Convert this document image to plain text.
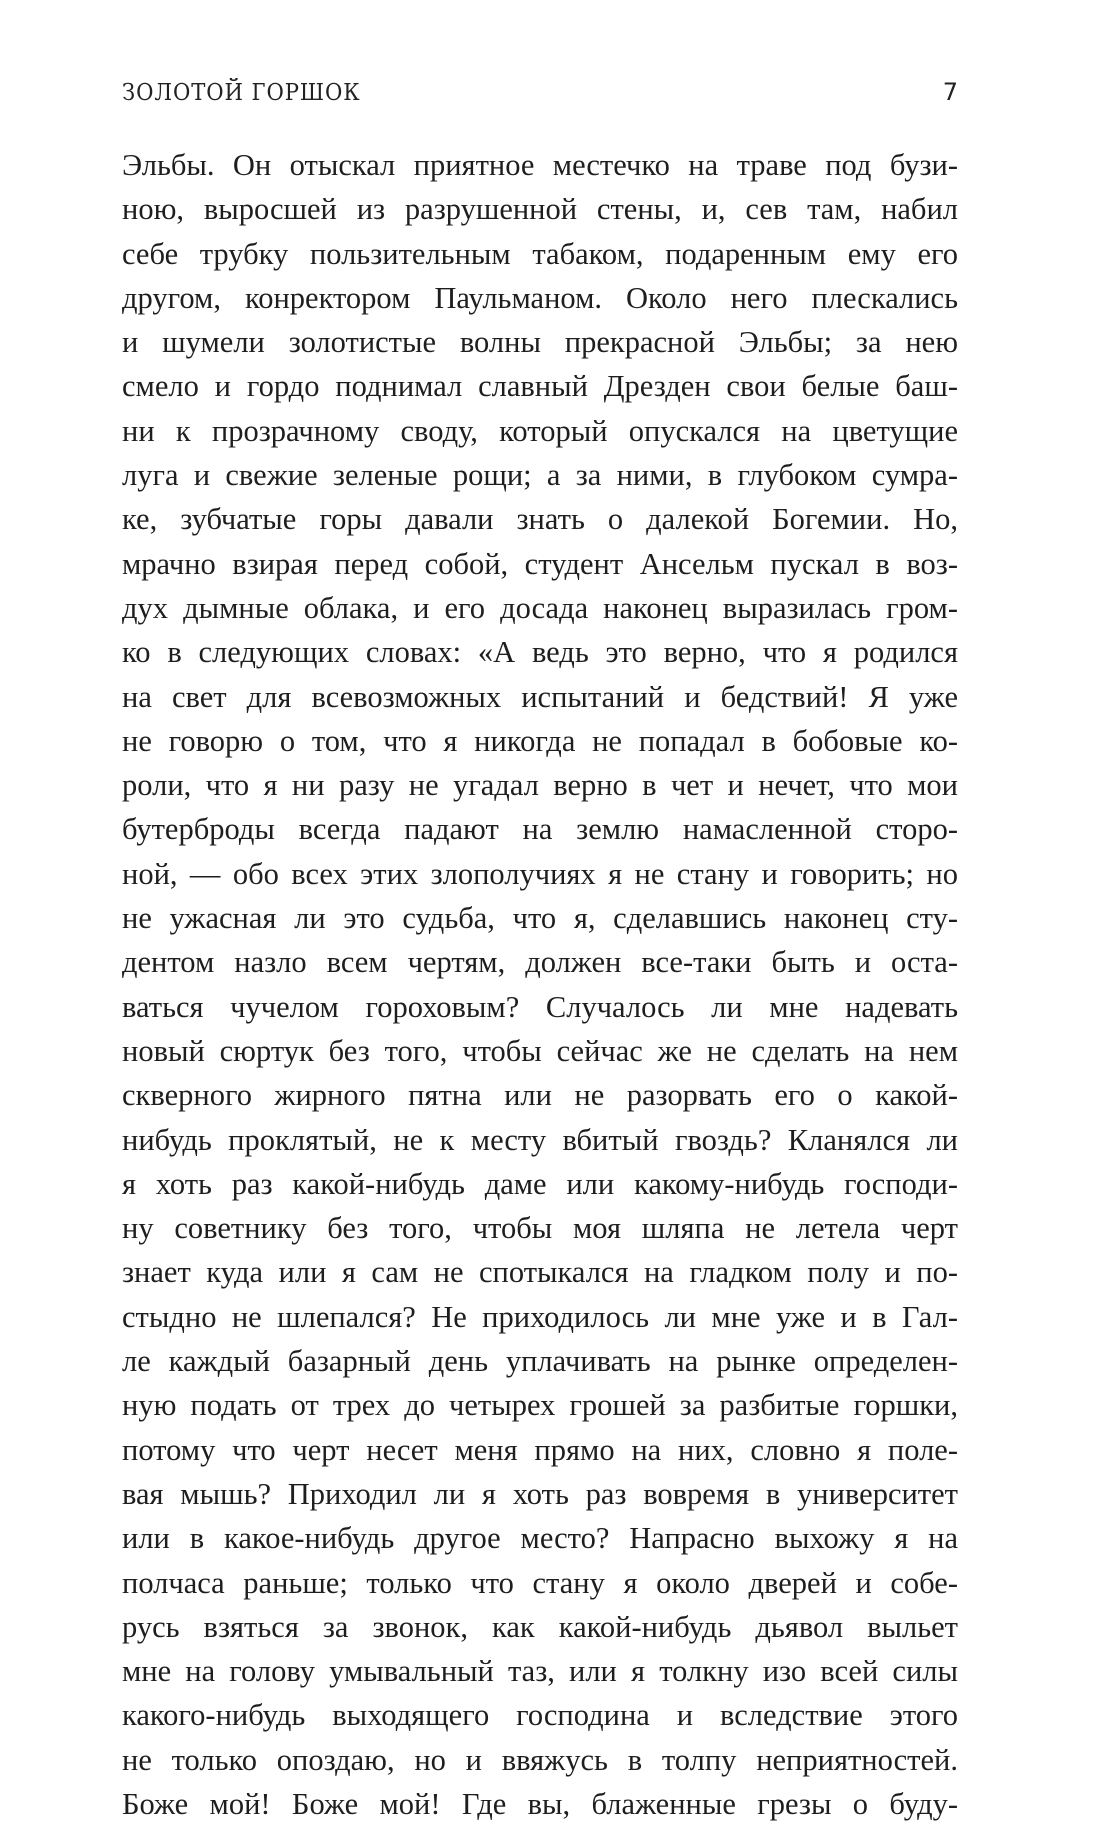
ЗОЛОТОЙ ГОРШОК	7
Эльбы. Он отыскал приятное местечко на траве под бузи-
ною, выросшей из разрушенной стены, и, сев там, набил
себе трубку пользительным табаком, подаренным ему его
другом, конректором Паульманом. Около него плескались
и шумели золотистые волны прекрасной Эльбы; за нею
смело и гордо поднимал славный Дрезден свои белые баш-
ни к прозрачному своду, который опускался на цветущие
луга и свежие зеленые рощи; а за ними, в глубоком сумра-
ке, зубчатые горы давали знать о далекой Богемии. Но,
мрачно взирая перед собой, студент Ансельм пускал в воз-
дух дымные облака, и его досада наконец выразилась гром-
ко в следующих словах: «А ведь это верно, что я родился
на свет для всевозможных испытаний и бедствий! Я уже
не говорю о том, что я никогда не попадал в бобовые ко-
роли, что я ни разу не угадал верно в чет и нечет, что мои
бутерброды всегда падают на землю намасленной сторо-
ной, — обо всех этих злополучиях я не стану и говорить; но
не ужасная ли это судьба, что я, сделавшись наконец сту-
дентом назло всем чертям, должен все-таки быть и оста-
ваться чучелом гороховым? Случалось ли мне надевать
новый сюртук без того, чтобы сейчас же не сделать на нем
скверного жирного пятна или не разорвать его о какой-
нибудь проклятый, не к месту вбитый гвоздь? Кланялся ли
я хоть раз какой-нибудь даме или какому-нибудь господи-
ну советнику без того, чтобы моя шляпа не летела черт
знает куда или я сам не спотыкался на гладком полу и по-
стыдно не шлепался? Не приходилось ли мне уже и в Гал-
ле каждый базарный день уплачивать на рынке определен-
ную подать от трех до четырех грошей за разбитые горшки,
потому что черт несет меня прямо на них, словно я поле-
вая мышь? Приходил ли я хоть раз вовремя в университет
или в какое-нибудь другое место? Напрасно выхожу я на
полчаса раньше; только что стану я около дверей и собе-
русь взяться за звонок, как какой-нибудь дьявол выльет
мне на голову умывальный таз, или я толкну изо всей силы
какого-нибудь выходящего господина и вследствие этого
не только опоздаю, но и ввяжусь в толпу неприятностей.
Боже мой! Боже мой! Где вы, блаженные грезы о буду-
